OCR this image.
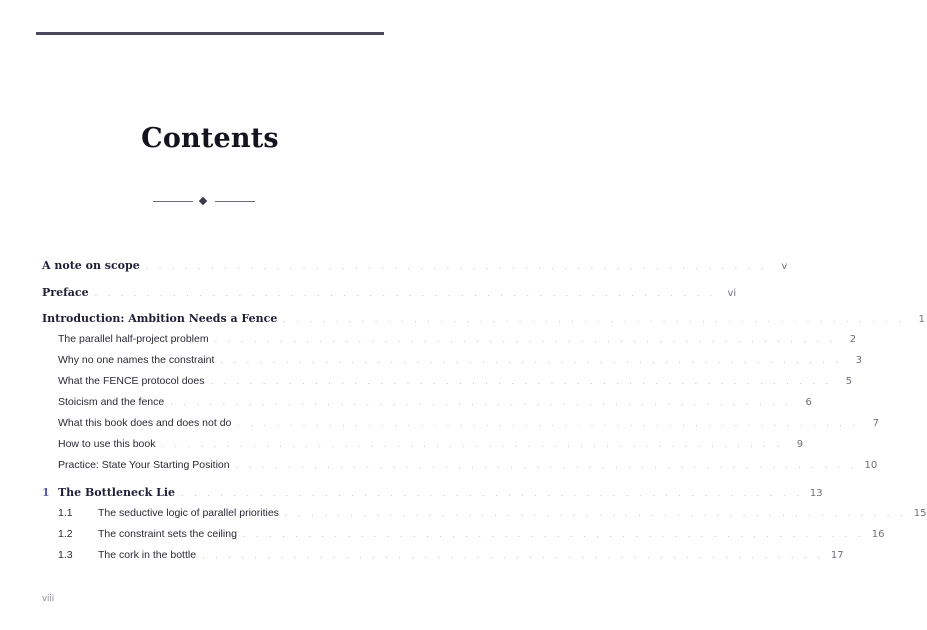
Contents
A note on scope . . . . . . . . . . . . . . . . . . . . . . . . . . . . . . . . . . . . . . . . . . . . . . . .	v
Preface . . . . . . . . . . . . . . . . . . . . . . . . . . . . . . . . . . . . . . . . . . . . . . . .	vi
Introduction: Ambition Needs a Fence . . . . . . . . . . . . . . . . . . . . . . . . . . . . . . . . . . . . . . . . . . . . . . . .	1
The parallel half-project problem . . . . . . . . . . . . . . . . . . . . . . . . . . . . . . . . . . . . . . . . . . . . . . . .	2
Why no one names the constraint . . . . . . . . . . . . . . . . . . . . . . . . . . . . . . . . . . . . . . . . . . . . . . . .	3
What the FENCE protocol does . . . . . . . . . . . . . . . . . . . . . . . . . . . . . . . . . . . . . . . . . . . . . . . .	5
Stoicism and the fence . . . . . . . . . . . . . . . . . . . . . . . . . . . . . . . . . . . . . . . . . . . . . . . .	6
What this book does and does not do . . . . . . . . . . . . . . . . . . . . . . . . . . . . . . . . . . . . . . . . . . . . . . . .	7
How to use this book . . . . . . . . . . . . . . . . . . . . . . . . . . . . . . . . . . . . . . . . . . . . . . . .	9
Practice: State Your Starting Position . . . . . . . . . . . . . . . . . . . . . . . . . . . . . . . . . . . . . . . . . . . . . . . . 10
1 The Bottleneck Lie . . . . . . . . . . . . . . . . . . . . . . . . . . . . . . . . . . . . . . . . . . . . . . . . 13
1.1	The seductive logic of parallel priorities . . . . . . . . . . . . . . . . . . . . . . . . . . . . . . . . . . . . . . . . . . . . . . . . 15
1.2	The constraint sets the ceiling . . . . . . . . . . . . . . . . . . . . . . . . . . . . . . . . . . . . . . . . . . . . . . . . 16
1.3	The cork in the bottle . . . . . . . . . . . . . . . . . . . . . . . . . . . . . . . . . . . . . . . . . . . . . . . . 17
viii
